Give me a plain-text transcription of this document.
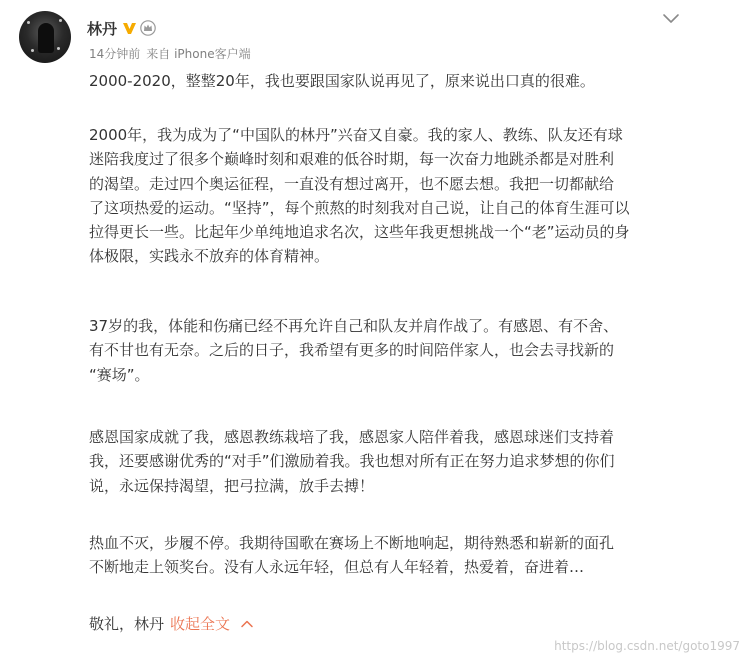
林丹
14分钟前 来自 iPhone客户端

2000-2020，整整20年，我也要跟国家队说再见了，原来说出口真的很难。

2000年，我为成为了“中国队的林丹”兴奋又自豪。我的家人、教练、队友还有球
迷陪我度过了很多个巅峰时刻和艰难的低谷时期，每一次奋力地跳杀都是对胜利
的渴望。走过四个奥运征程，一直没有想过离开，也不愿去想。我把一切都献给
了这项热爱的运动。“坚持”，每个煎熬的时刻我对自己说，让自己的体育生涯可以
拉得更长一些。比起年少单纯地追求名次，这些年我更想挑战一个“老”运动员的身
体极限，实践永不放弃的体育精神。

37岁的我，体能和伤痛已经不再允许自己和队友并肩作战了。有感恩、有不舍、
有不甘也有无奈。之后的日子，我希望有更多的时间陪伴家人，也会去寻找新的
“赛场”。

感恩国家成就了我，感恩教练栽培了我，感恩家人陪伴着我，感恩球迷们支持着
我，还要感谢优秀的“对手”们激励着我。我也想对所有正在努力追求梦想的你们
说，永远保持渴望，把弓拉满，放手去搏！

热血不灭，步履不停。我期待国歌在赛场上不断地响起，期待熟悉和崭新的面孔
不断地走上领奖台。没有人永远年轻，但总有人年轻着，热爱着，奋进着…

敬礼，林丹 收起全文
https://blog.csdn.net/goto1997
